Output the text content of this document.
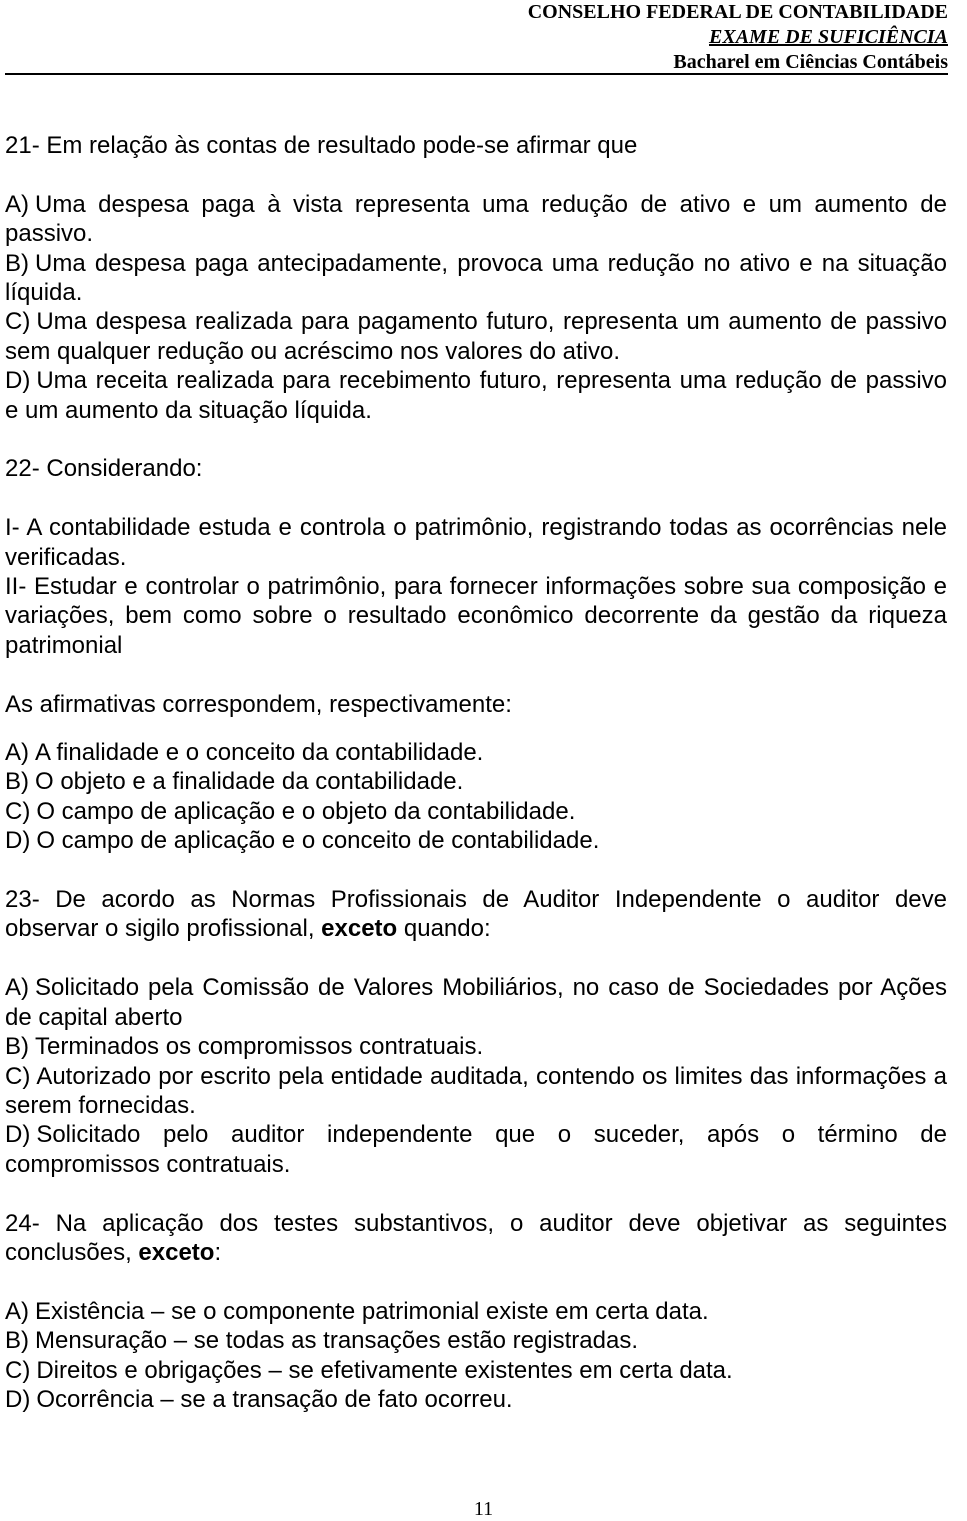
CONSELHO FEDERAL DE CONTABILIDADE
EXAME DE SUFICIÊNCIA
Bacharel em Ciências Contábeis
21- Em relação às contas de resultado pode-se afirmar que
A) Uma despesa paga à vista representa uma redução de ativo e um aumento de passivo.
B) Uma despesa paga antecipadamente, provoca uma redução no ativo e na situação líquida.
C) Uma despesa realizada para pagamento futuro, representa um aumento de passivo sem qualquer redução ou acréscimo nos valores do ativo.
D) Uma receita realizada para recebimento futuro, representa uma redução de passivo e um aumento da situação líquida.
22- Considerando:
I- A contabilidade estuda e controla o patrimônio, registrando todas as ocorrências nele verificadas.
II- Estudar e controlar o patrimônio, para fornecer informações sobre sua composição e variações, bem como sobre o resultado econômico decorrente da gestão da riqueza patrimonial
As afirmativas correspondem, respectivamente:
A) A finalidade e o conceito da contabilidade.
B) O objeto e a finalidade da contabilidade.
C) O campo de aplicação e o objeto da contabilidade.
D) O campo de aplicação e o conceito de contabilidade.
23- De acordo as Normas Profissionais de Auditor Independente o auditor deve observar o sigilo profissional, exceto quando:
A) Solicitado pela Comissão de Valores Mobiliários, no caso de Sociedades por Ações de capital aberto
B) Terminados os compromissos contratuais.
C) Autorizado por escrito pela entidade auditada, contendo os limites das informações a serem fornecidas.
D) Solicitado pelo auditor independente que o suceder, após o término de compromissos contratuais.
24- Na aplicação dos testes substantivos, o auditor deve objetivar as seguintes conclusões, exceto:
A) Existência – se o componente patrimonial existe em certa data.
B) Mensuração – se todas as transações estão registradas.
C) Direitos e obrigações – se efetivamente existentes em certa data.
D) Ocorrência – se a transação de fato ocorreu.
11
